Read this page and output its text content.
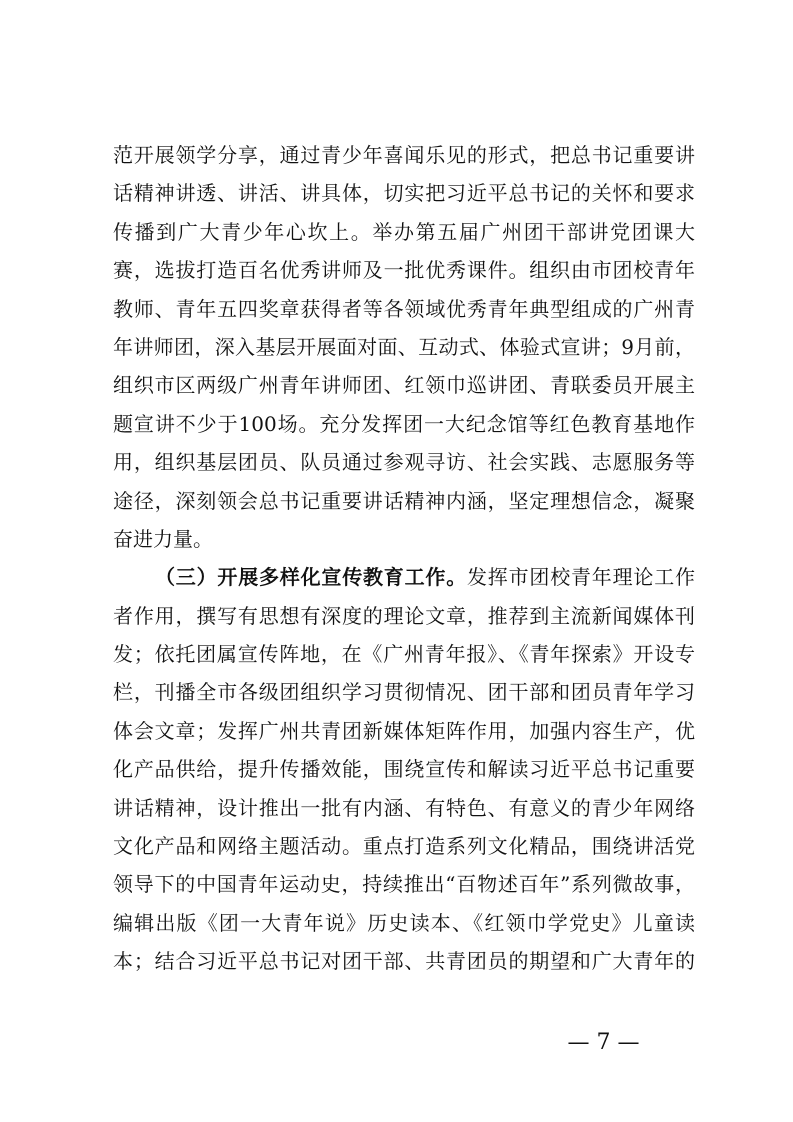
范开展领学分享，通过青少年喜闻乐见的形式，把总书记重要讲
话精神讲透、讲活、讲具体，切实把习近平总书记的关怀和要求
传播到广大青少年心坎上。举办第五届广州团干部讲党团课大
赛，选拔打造百名优秀讲师及一批优秀课件。组织由市团校青年
教师、青年五四奖章获得者等各领域优秀青年典型组成的广州青
年讲师团，深入基层开展面对面、互动式、体验式宣讲；9月前，
组织市区两级广州青年讲师团、红领巾巡讲团、青联委员开展主
题宣讲不少于100场。充分发挥团一大纪念馆等红色教育基地作
用，组织基层团员、队员通过参观寻访、社会实践、志愿服务等
途径，深刻领会总书记重要讲话精神内涵，坚定理想信念，凝聚
奋进力量。
（三）开展多样化宣传教育工作。发挥市团校青年理论工作
者作用，撰写有思想有深度的理论文章，推荐到主流新闻媒体刊
发；依托团属宣传阵地，在《广州青年报》、《青年探索》开设专
栏，刊播全市各级团组织学习贯彻情况、团干部和团员青年学习
体会文章；发挥广州共青团新媒体矩阵作用，加强内容生产，优
化产品供给，提升传播效能，围绕宣传和解读习近平总书记重要
讲话精神，设计推出一批有内涵、有特色、有意义的青少年网络
文化产品和网络主题活动。重点打造系列文化精品，围绕讲活党
领导下的中国青年运动史，持续推出“百物述百年”系列微故事，
编辑出版《团一大青年说》历史读本、《红领巾学党史》儿童读
本；结合习近平总书记对团干部、共青团员的期望和广大青年的
— 7 —
